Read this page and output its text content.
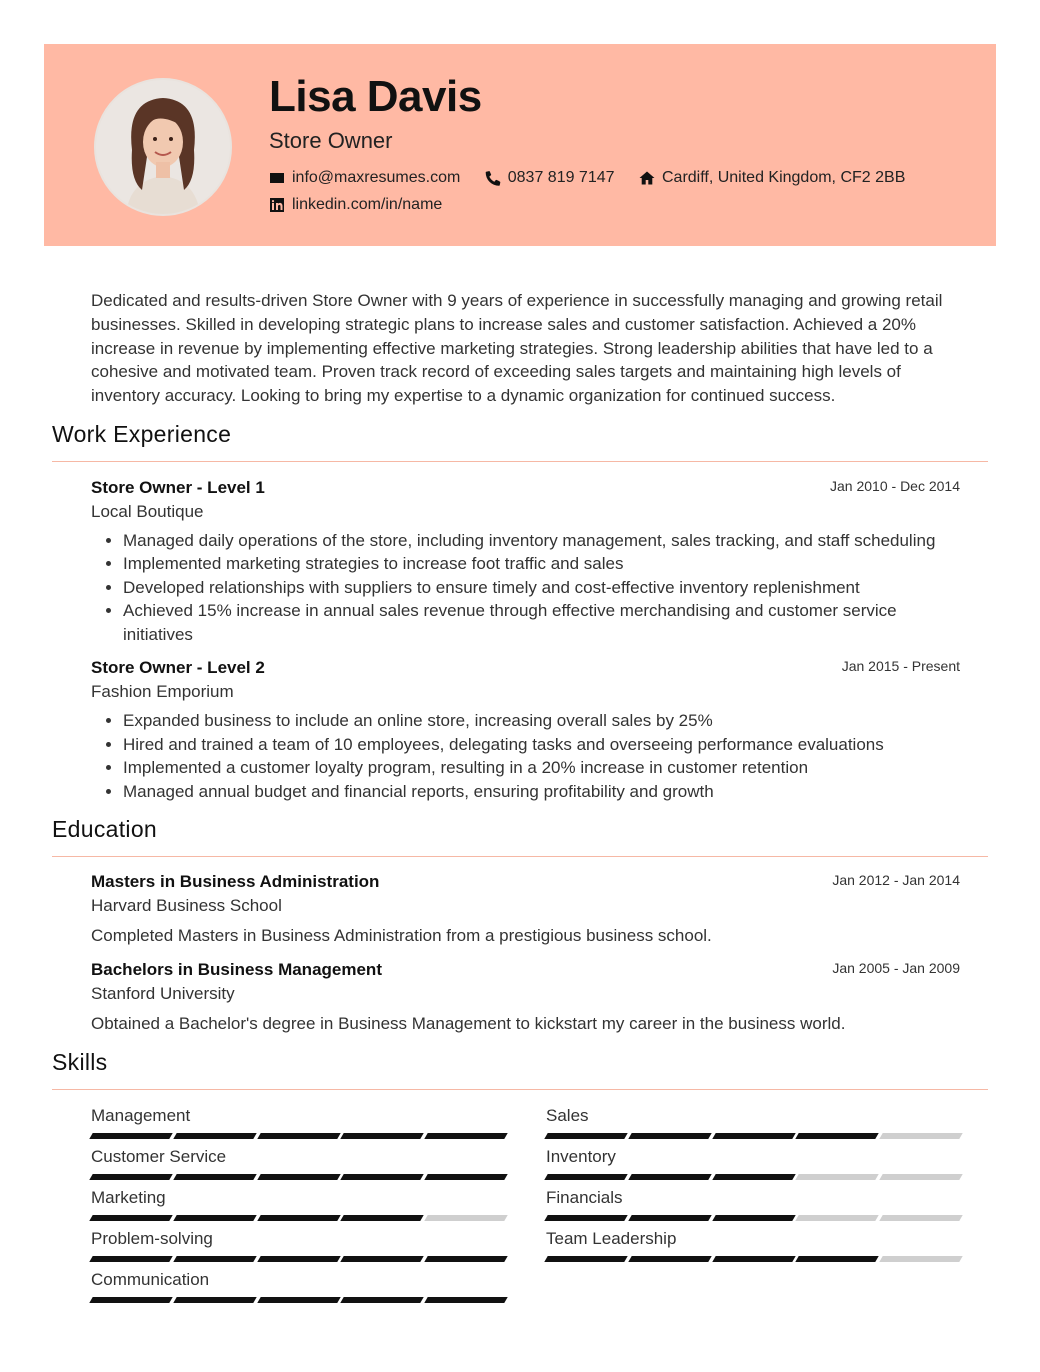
Lisa Davis

Store Owner

info@maxresumes.com
	0837 819 7147
	Cardiff, United Kingdom, CF2 2BB
linkedin.com/in/name

Dedicated and results-driven Store Owner with 9 years of experience in successfully managing and growing retail businesses. Skilled in developing strategic plans to increase sales and customer satisfaction. Achieved a 20% increase in revenue by implementing effective marketing strategies. Strong leadership abilities that have led to a cohesive and motivated team. Proven track record of exceeding sales targets and maintaining high levels of inventory accuracy. Looking to bring my expertise to a dynamic organization for continued success.

Work Experience

Store Owner - Level 1	Jan 2010 - Dec 2014

Local Boutique

• Managed daily operations of the store, including inventory management, sales tracking, and staff scheduling
• Implemented marketing strategies to increase foot traffic and sales
• Developed relationships with suppliers to ensure timely and cost-effective inventory replenishment
• Achieved 15% increase in annual sales revenue through effective merchandising and customer service initiatives

Store Owner - Level 2	Jan 2015 - Present

Fashion Emporium

• Expanded business to include an online store, increasing overall sales by 25%
• Hired and trained a team of 10 employees, delegating tasks and overseeing performance evaluations
• Implemented a customer loyalty program, resulting in a 20% increase in customer retention
• Managed annual budget and financial reports, ensuring profitability and growth
Education

Masters in Business Administration	Jan 2012 - Jan 2014

Harvard Business School

Completed Masters in Business Administration from a prestigious business school.

Bachelors in Business Management	Jan 2005 - Jan 2009

Stanford University

Obtained a Bachelor's degree in Business Management to kickstart my career in the business world.

Skills
Management	Sales
Customer Service	Inventory
Marketing	Financials
Problem-solving	Team Leadership
Communication
